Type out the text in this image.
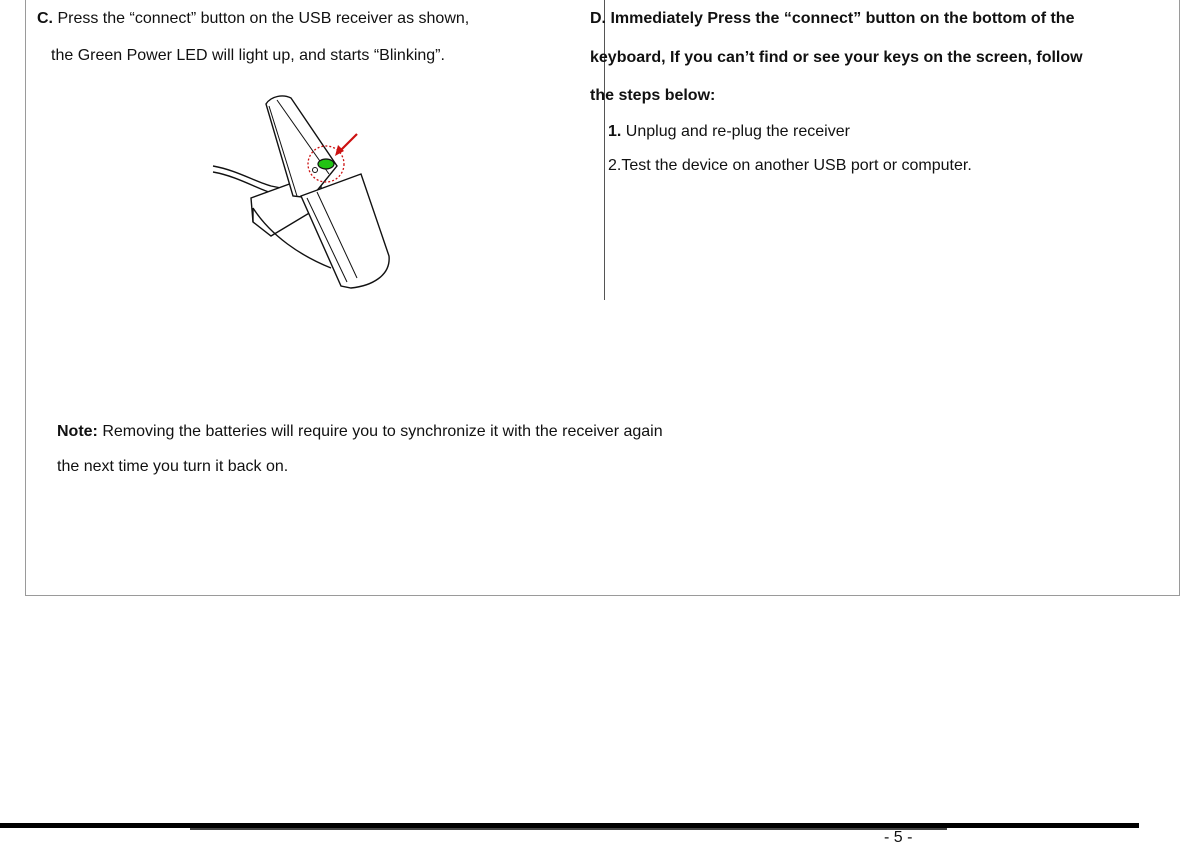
C. Press the “connect” button on the USB receiver as shown,
the Green Power LED will light up, and starts “Blinking”.
D. Immediately Press the “connect” button on the bottom of the
keyboard, If you can’t find or see your keys on the screen, follow
the steps below:
1. Unplug and re-plug the receiver
2.Test the device on another USB port or computer.
Note: Removing the batteries will require you to synchronize it with the receiver again
the next time you turn it back on.
- 5 -
